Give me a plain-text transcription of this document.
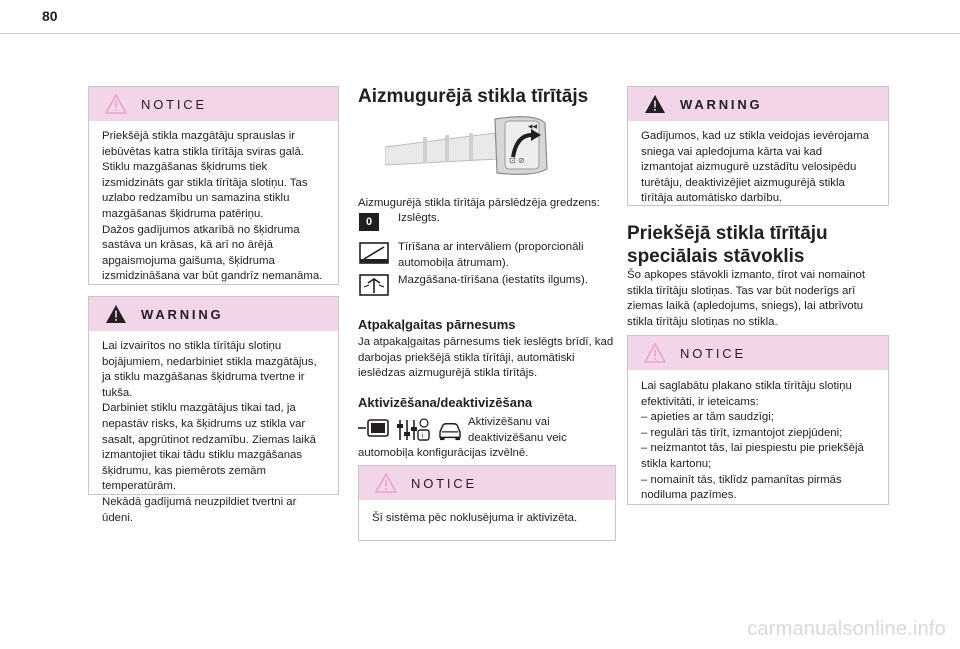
80
NOTICE

Priekšējā stikla mazgātāju sprauslas ir iebūvētas katra stikla tīrītāja sviras galā.

Stiklu mazgāšanas šķidrums tiek izsmidzināts gar stikla tīrītāja slotiņu. Tas uzlabo redzamību un samazina stiklu mazgāšanas šķidruma patēriņu.

Dažos gadījumos atkarībā no šķidruma sastāva un krāsas, kā arī no ārējā apgaismojuma gaišuma, šķidruma izsmidzināšana var būt gandrīz nemanāma.

WARNING

Lai izvairītos no stikla tīrītāju slotiņu bojājumiem, nedarbiniet stikla mazgātājus, ja stiklu mazgāšanas šķidruma tvertne ir tukša.

Darbiniet stiklu mazgātājus tikai tad, ja nepastāv risks, ka šķidrums uz stikla var sasalt, apgrūtinot redzamību. Ziemas laikā izmantojiet tikai tādu stiklu mazgāšanas šķidrumu, kas piemērots zemām temperatūrām.

Nekādā gadījumā neuzpildiet tvertni ar ūdeni.

Aizmugurējā stikla tīrītājs
⊡ ⊘
◂◂

Aizmugurējā stikla tīrītāja pārslēdzēja gredzens:

0	Izslēgts.

Tīrīšana ar intervāliem (proporcionāli automobiļa ātrumam).

Mazgāšana-tīrīšana (iestatīts ilgums).

Atpakaļgaitas pārnesums

Ja atpakaļgaitas pārnesums tiek ieslēgts brīdī, kad darbojas priekšējā stikla tīrītāji, automātiski ieslēdzas aizmugurējā stikla tīrītājs.

Aktivizēšana/deaktivizēšana
i

Aktivizēšanu vai deaktivizēšanu veic

automobiļa konfigurācijas izvēlnē.

NOTICE

Šī sistēma pēc noklusējuma ir aktivizēta.

WARNING

Gadījumos, kad uz stikla veidojas ievērojama sniega vai apledojuma kārta vai kad izmantojat aizmugurē uzstādītu velosipēdu turētāju, deaktivizējiet aizmugurējā stikla tīrītāja automātisko darbību.

Priekšējā stikla tīrītāju speciālais stāvoklis

Šo apkopes stāvokli izmanto, tīrot vai nomainot stikla tīrītāju slotiņas. Tas var būt noderīgs arī ziemas laikā (apledojums, sniegs), lai atbrīvotu stikla tīrītāju slotiņas no stikla.

NOTICE

Lai saglabātu plakano stikla tīrītāju slotiņu efektivitāti, ir ieteicams:

– apieties ar tām saudzīgi;

– regulāri tās tīrīt, izmantojot ziepjūdeni;

– neizmantot tās, lai piespiestu pie priekšējā stikla kartonu;

– nomainīt tās, tiklīdz pamanītas pirmās nodiluma pazīmes.

carmanualsonline.info
